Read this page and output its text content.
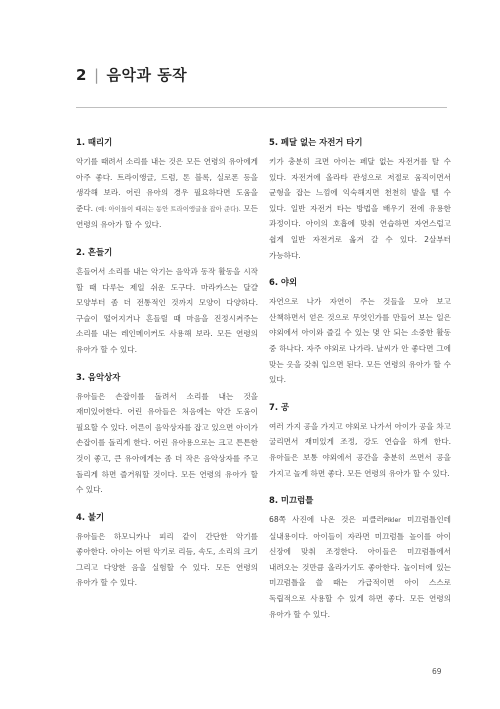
2 | 음악과 동작
1. 때리기

악기를 때려서 소리를 내는 것은 모든 연령의 유아에게 아주 좋다. 트라이앵글, 드럼, 톤 블록, 실로폰 등을 생각해 보라. 어린 유아의 경우 필요하다면 도움을 준다. (예: 아이들이 때리는 동안 트라이앵글을 잡아 준다). 모든 연령의 유아가 할 수 있다.

2. 흔들기

흔들어서 소리를 내는 악기는 음악과 동작 활동을 시작 할 때 다루는 제일 쉬운 도구다. 마라카스는 달걀 모양부터 좀 더 전통적인 것까지 모양이 다양하다. 구슬이 떨어지거나 흔들릴 때 마음을 진정시켜주는 소리를 내는 레인메이커도 사용해 보라. 모든 연령의 유아가 할 수 있다.

3. 음악상자

유아들은 손잡이를 돌려서 소리를 내는 것을 재미있어한다. 어린 유아들은 처음에는 약간 도움이 필요할 수 있다. 어른이 음악상자를 잡고 있으면 아이가 손잡이를 돌리게 한다. 어린 유아용으로는 크고 튼튼한 것이 좋고, 큰 유아에게는 좀 더 작은 음악상자를 주고 돌리게 하면 즐거워할 것이다. 모든 연령의 유아가 할 수 있다.

4. 불기

유아들은 하모니카나 피리 같이 간단한 악기를 좋아한다. 아이는 어떤 악기로 리듬, 속도, 소리의 크기 그리고 다양한 음을 실험할 수 있다. 모든 연령의 유아가 할 수 있다.

5. 페달 없는 자전거 타기

키가 충분히 크면 아이는 페달 없는 자전거를 탈 수 있다. 자전거에 올라타 관성으로 저절로 움직이면서 균형을 잡는 느낌에 익숙해지면 천천히 발을 뗄 수 있다. 일반 자전거 타는 방법을 배우기 전에 유용한 과정이다. 아이의 호흡에 맞춰 연습하면 자연스럽고 쉽게 일반 자전거로 옮겨 갈 수 있다. 2살부터 가능하다.

6. 야외

자연으로 나가 자연이 주는 것들을 모아 보고 산책하면서 얻은 것으로 무엇인가를 만들어 보는 일은 야외에서 아이와 즐길 수 있는 몇 안 되는 소중한 활동 중 하나다. 자주 야외로 나가라. 날씨가 안 좋다면 그에 맞는 옷을 갖춰 입으면 된다. 모든 연령의 유아가 할 수 있다.

7. 공

여러 가지 공을 가지고 야외로 나가서 아이가 공을 차고 굴리면서 재미있게 조정, 강도 연습을 하게 한다. 유아들은 보통 야외에서 공간을 충분히 쓰면서 공을 가지고 놀게 하면 좋다. 모든 연령의 유아가 할 수 있다.

8. 미끄럼틀

68쪽 사진에 나온 것은 피클러Pikler 미끄럼틀인데 실내용이다. 아이들이 자라면 미끄럼틀 높이를 아이 신장에 맞춰 조정한다. 아이들은 미끄럼틀에서 내려오는 것만큼 올라가기도 좋아한다. 놀이터에 있는 미끄럼틀을 쓸 때는 가급적이면 아이 스스로 독립적으로 사용할 수 있게 하면 좋다. 모든 연령의 유아가 할 수 있다.

69
